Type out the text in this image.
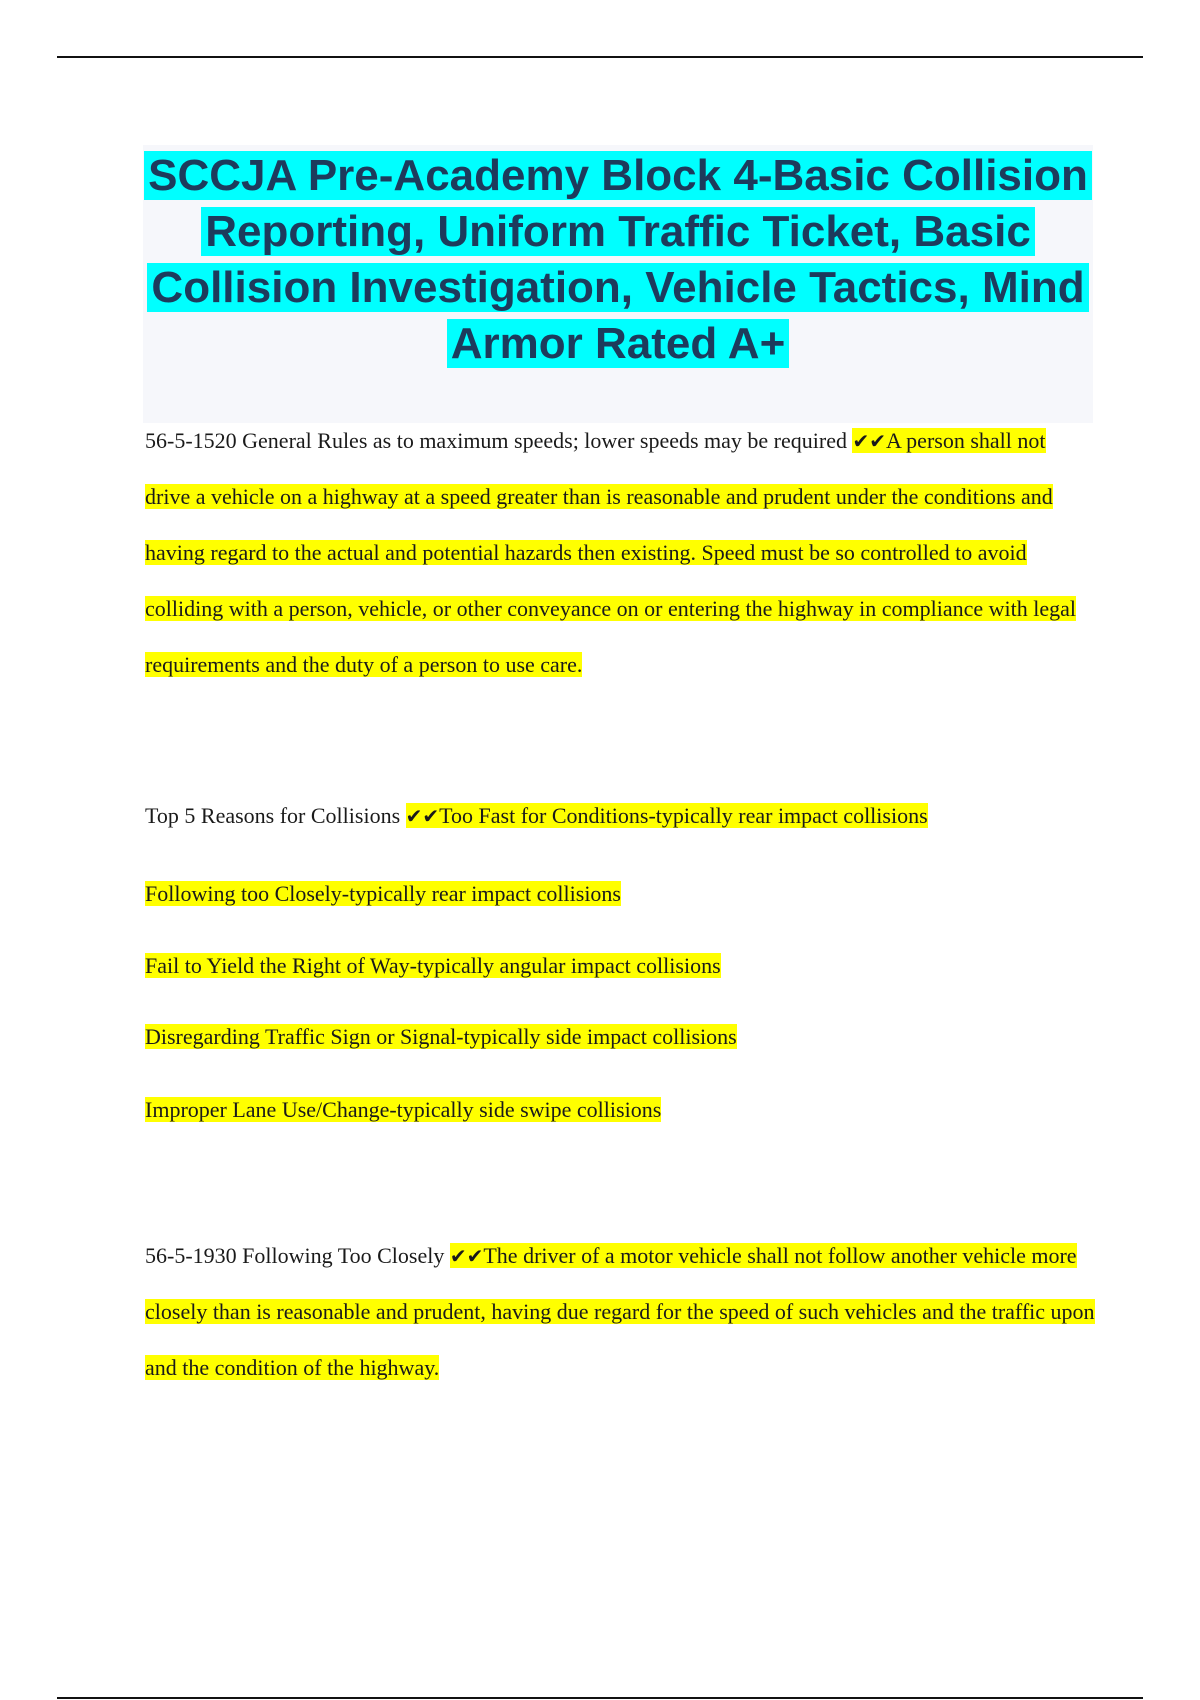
SCCJA Pre-Academy Block 4-Basic Collision Reporting, Uniform Traffic Ticket, Basic Collision Investigation, Vehicle Tactics, Mind Armor Rated A+

56-5-1520 General Rules as to maximum speeds; lower speeds may be required ✔✔A person shall not drive a vehicle on a highway at a speed greater than is reasonable and prudent under the conditions and having regard to the actual and potential hazards then existing. Speed must be so controlled to avoid colliding with a person, vehicle, or other conveyance on or entering the highway in compliance with legal requirements and the duty of a person to use care.

Top 5 Reasons for Collisions ✔✔Too Fast for Conditions-typically rear impact collisions

Following too Closely-typically rear impact collisions

Fail to Yield the Right of Way-typically angular impact collisions

Disregarding Traffic Sign or Signal-typically side impact collisions

Improper Lane Use/Change-typically side swipe collisions

56-5-1930 Following Too Closely ✔✔The driver of a motor vehicle shall not follow another vehicle more closely than is reasonable and prudent, having due regard for the speed of such vehicles and the traffic upon and the condition of the highway.
